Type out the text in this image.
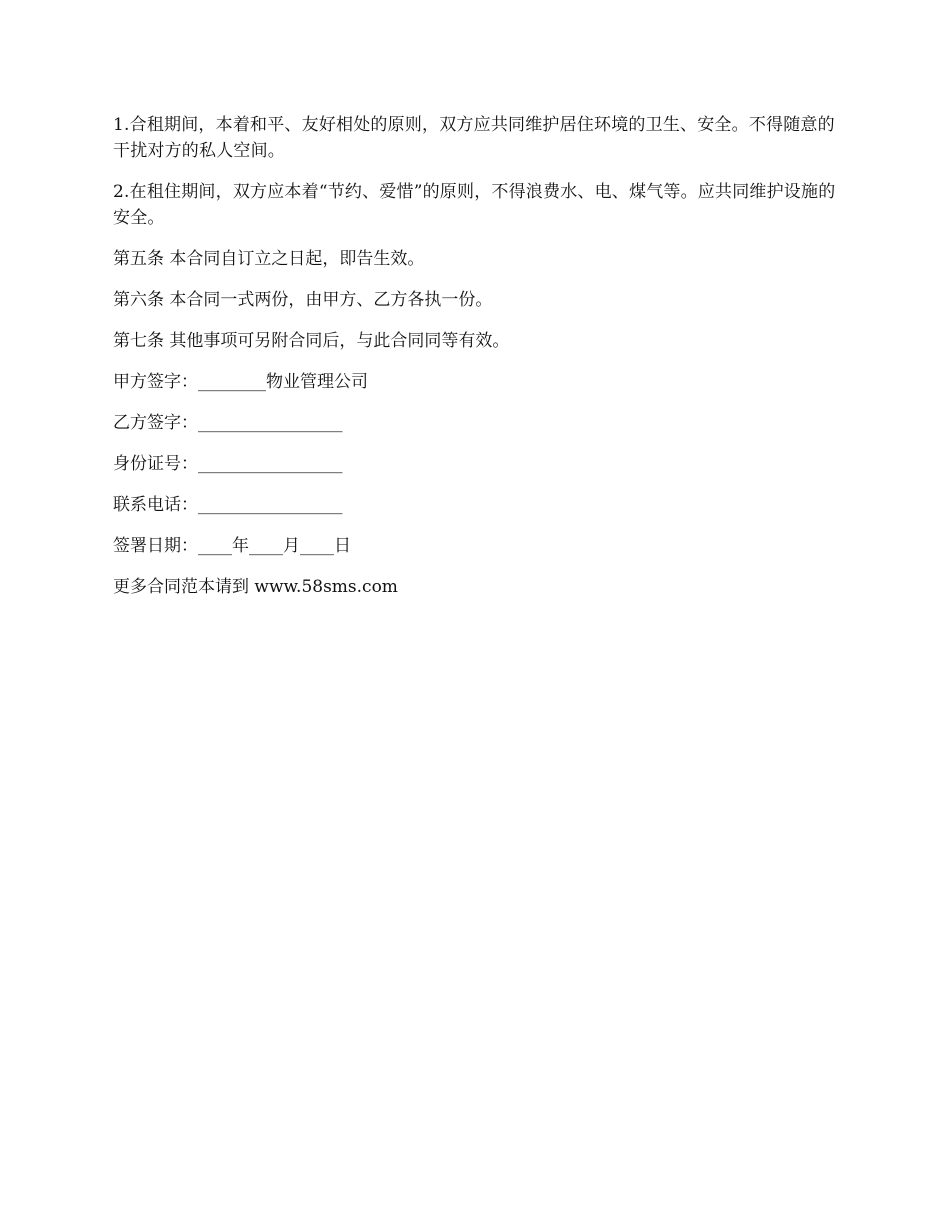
1.合租期间，本着和平、友好相处的原则，双方应共同维护居住环境的卫生、安全。不得随意的干扰对方的私人空间。

2.在租住期间，双方应本着“节约、爱惜”的原则，不得浪费水、电、煤气等。应共同维护设施的安全。

第五条 本合同自订立之日起，即告生效。

第六条 本合同一式两份，由甲方、乙方各执一份。

第七条 其他事项可另附合同后，与此合同同等有效。

甲方签字：________物业管理公司

乙方签字：_________________

身份证号：_________________

联系电话：_________________

签署日期：____年____月____日

更多合同范本请到 www.58sms.com
